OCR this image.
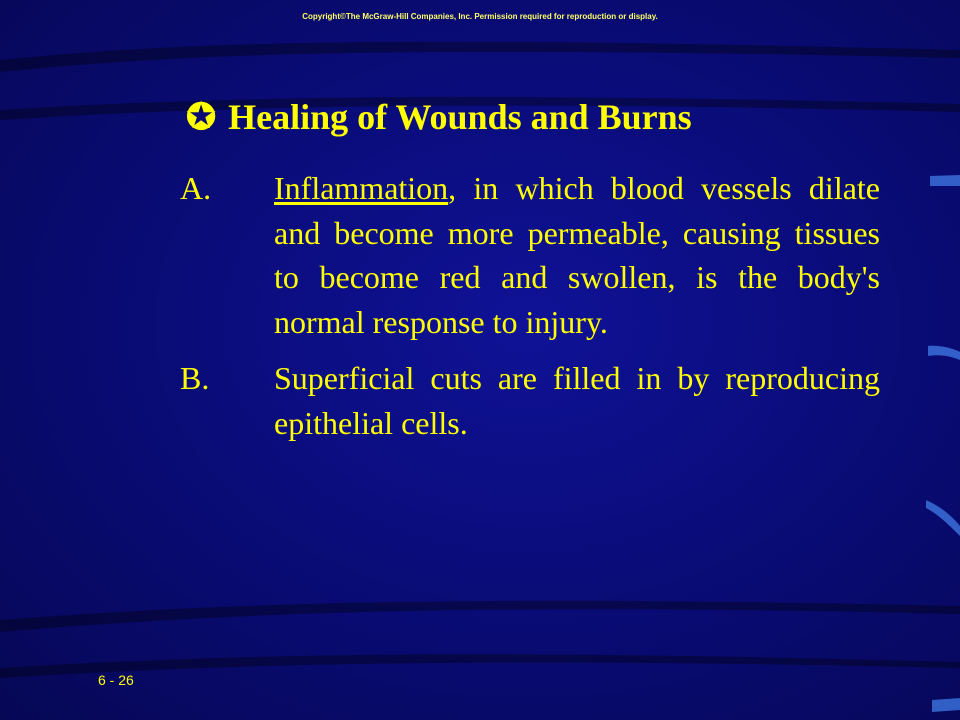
Copyright©The McGraw-Hill Companies, Inc. Permission required for reproduction or display.
✪ Healing of Wounds and Burns
A.	Inflammation, in which blood vessels dilate and become more permeable, causing tissues to become red and swollen, is the body's normal response to injury.
B.	Superficial cuts are filled in by reproducing epithelial cells.
6 - 26
